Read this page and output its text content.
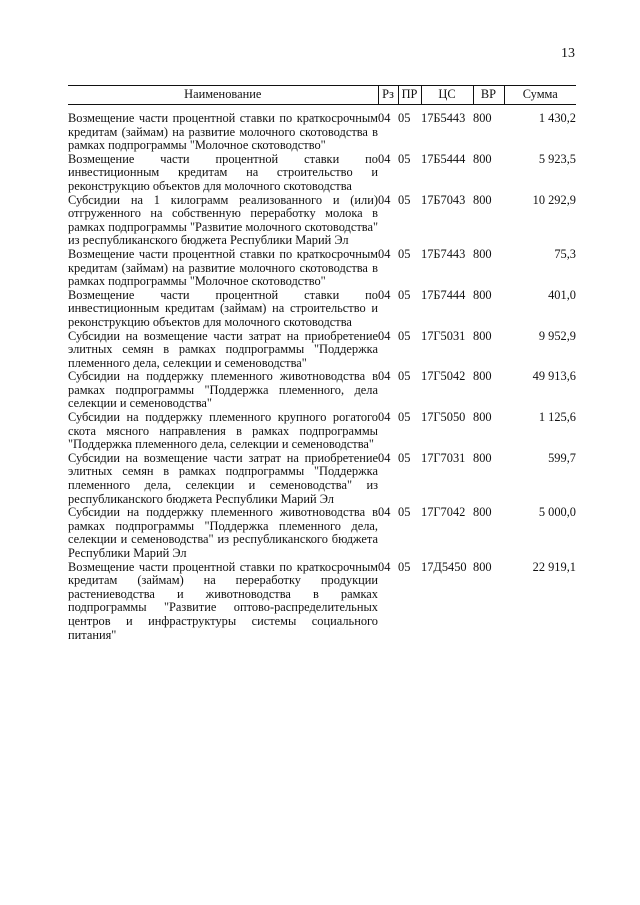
13
Наименование	Рз	ПР	ЦС	ВР	Сумма

Возмещение части процентной ставки по краткосрочным кредитам (займам) на развитие молочного скотоводства в рамках подпрограммы "Молочное скотоводство"	04	05	17Б5443	800	1 430,2
Возмещение части процентной ставки по инвестиционным кредитам на строительство и реконструкцию объектов для молочного скотоводства	04	05	17Б5444	800	5 923,5
Субсидии на 1 килограмм реализованного и (или) отгруженного на собственную переработку молока в рамках подпрограммы "Развитие молочного скотоводства" из республиканского бюджета Республики Марий Эл	04	05	17Б7043	800	10 292,9
Возмещение части процентной ставки по краткосрочным кредитам (займам) на развитие молочного скотоводства в рамках подпрограммы "Молочное скотоводство"	04	05	17Б7443	800	75,3
Возмещение части процентной ставки по инвестиционным кредитам (займам) на строительство и реконструкцию объектов для молочного скотоводства	04	05	17Б7444	800	401,0
Субсидии на возмещение части затрат на приобретение элитных семян в рамках подпрограммы "Поддержка племенного дела, селекции и семеноводства"	04	05	17Г5031	800	9 952,9
Субсидии на поддержку племенного животноводства в рамках подпрограммы "Поддержка племенного, дела селекции и семеноводства"	04	05	17Г5042	800	49 913,6
Субсидии на поддержку племенного крупного рогатого скота мясного направления в рамках подпрограммы "Поддержка племенного дела, селекции и семеноводства"	04	05	17Г5050	800	1 125,6
Субсидии на возмещение части затрат на приобретение элитных семян в рамках подпрограммы "Поддержка племенного дела, селекции и семеноводства" из республиканского бюджета Республики Марий Эл	04	05	17Г7031	800	599,7
Субсидии на поддержку племенного животноводства в рамках подпрограммы "Поддержка племенного дела, селекции и семеноводства" из республиканского бюджета Республики Марий Эл	04	05	17Г7042	800	5 000,0
Возмещение части процентной ставки по краткосрочным кредитам (займам) на переработку продукции растениеводства и животноводства в рамках подпрограммы "Развитие оптово-распределительных центров и инфраструктуры системы социального питания"	04	05	17Д5450	800	22 919,1
